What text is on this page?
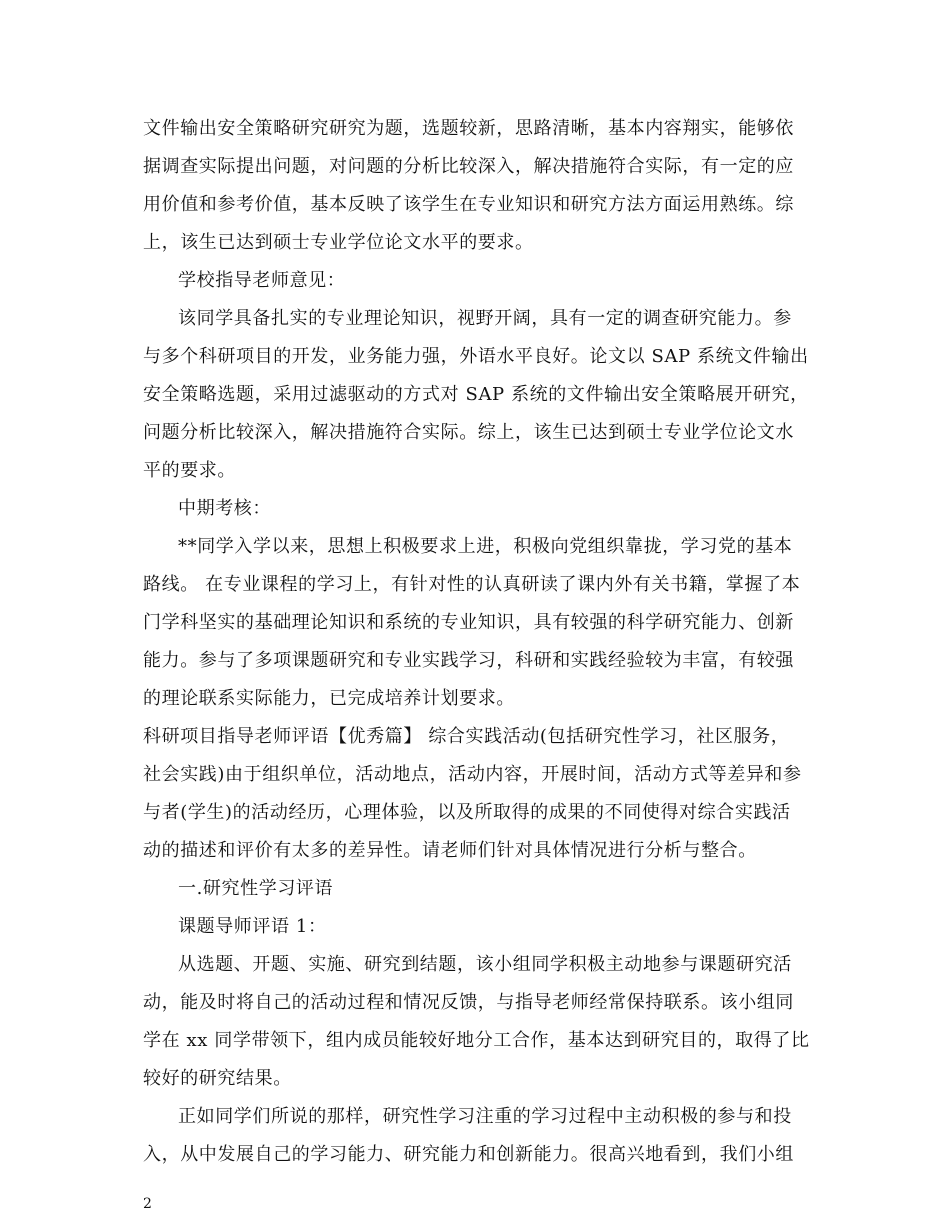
文件输出安全策略研究研究为题，选题较新，思路清晰，基本内容翔实，能够依
据调查实际提出问题，对问题的分析比较深入，解决措施符合实际，有一定的应
用价值和参考价值，基本反映了该学生在专业知识和研究方法方面运用熟练。综
上，该生已达到硕士专业学位论文水平的要求。
学校指导老师意见：
该同学具备扎实的专业理论知识，视野开阔，具有一定的调查研究能力。参
与多个科研项目的开发，业务能力强，外语水平良好。论文以 SAP 系统文件输出
安全策略选题，采用过滤驱动的方式对 SAP 系统的文件输出安全策略展开研究，
问题分析比较深入，解决措施符合实际。综上，该生已达到硕士专业学位论文水
平的要求。
中期考核：
**同学入学以来，思想上积极要求上进，积极向党组织靠拢，学习党的基本
路线。 在专业课程的学习上，有针对性的认真研读了课内外有关书籍，掌握了本
门学科坚实的基础理论知识和系统的专业知识，具有较强的科学研究能力、创新
能力。参与了多项课题研究和专业实践学习，科研和实践经验较为丰富，有较强
的理论联系实际能力，已完成培养计划要求。
科研项目指导老师评语【优秀篇】 综合实践活动(包括研究性学习，社区服务，
社会实践)由于组织单位，活动地点，活动内容，开展时间，活动方式等差异和参
与者(学生)的活动经历，心理体验，以及所取得的成果的不同使得对综合实践活
动的描述和评价有太多的差异性。请老师们针对具体情况进行分析与整合。
一.研究性学习评语
课题导师评语 1：
从选题、开题、实施、研究到结题，该小组同学积极主动地参与课题研究活
动，能及时将自己的活动过程和情况反馈，与指导老师经常保持联系。该小组同
学在 xx 同学带领下，组内成员能较好地分工合作，基本达到研究目的，取得了比
较好的研究结果。
正如同学们所说的那样，研究性学习注重的学习过程中主动积极的参与和投
入，从中发展自己的学习能力、研究能力和创新能力。很高兴地看到，我们小组
2
